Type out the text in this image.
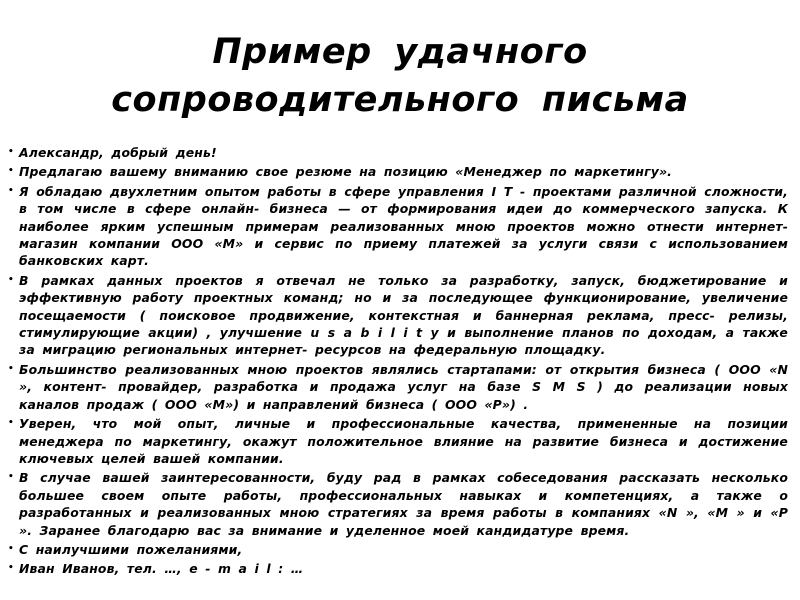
Пример удачного
сопроводительного письма
• Александр, добрый день!
• Предлагаю вашему вниманию свое резюме на позицию «Менеджер по маркетингу».
• Я обладаю двухлетним опытом работы в сфере управления I T - проектами различной сложности, в том числе в сфере онлайн- бизнеса — от формирования идеи до коммерческого запуска. К наиболее ярким успешным примерам реализованных мною проектов можно отнести интернет- магазин компании ООО «М» и сервис по приему платежей за услуги связи с использованием банковских карт.
• В рамках данных проектов я отвечал не только за разработку, запуск, бюджетирование и эффективную работу проектных команд; но и за последующее функционирование, увеличение посещаемости ( поисковое продвижение, контекстная и баннерная реклама, пресс- релизы, стимулирующие акции) , улучшение u s a b i l i t y и выполнение планов по доходам, а также за миграцию региональных интернет- ресурсов на федеральную площадку.
• Большинство реализованных мною проектов являлись стартапами: от открытия бизнеса ( ООО «N », контент- провайдер, разработка и продажа услуг на базе S M S ) до реализации новых каналов продаж ( ООО «M») и направлений бизнеса ( ООО «P») .
• Уверен, что мой опыт, личные и профессиональные качества, примененные на позиции менеджера по маркетингу, окажут положительное влияние на развитие бизнеса и достижение ключевых целей вашей компании.
• В случае вашей заинтересованности, буду рад в рамках собеседования рассказать несколько большее своем опыте работы, профессиональных навыках и компетенциях, а также о разработанных и реализованных мною стратегиях за время работы в компаниях «N », «M » и «P ». Заранее благодарю вас за внимание и уделенное моей кандидатуре время.
• С наилучшими пожеланиями,
• Иван Иванов, тел. …, e - m a i l : …
